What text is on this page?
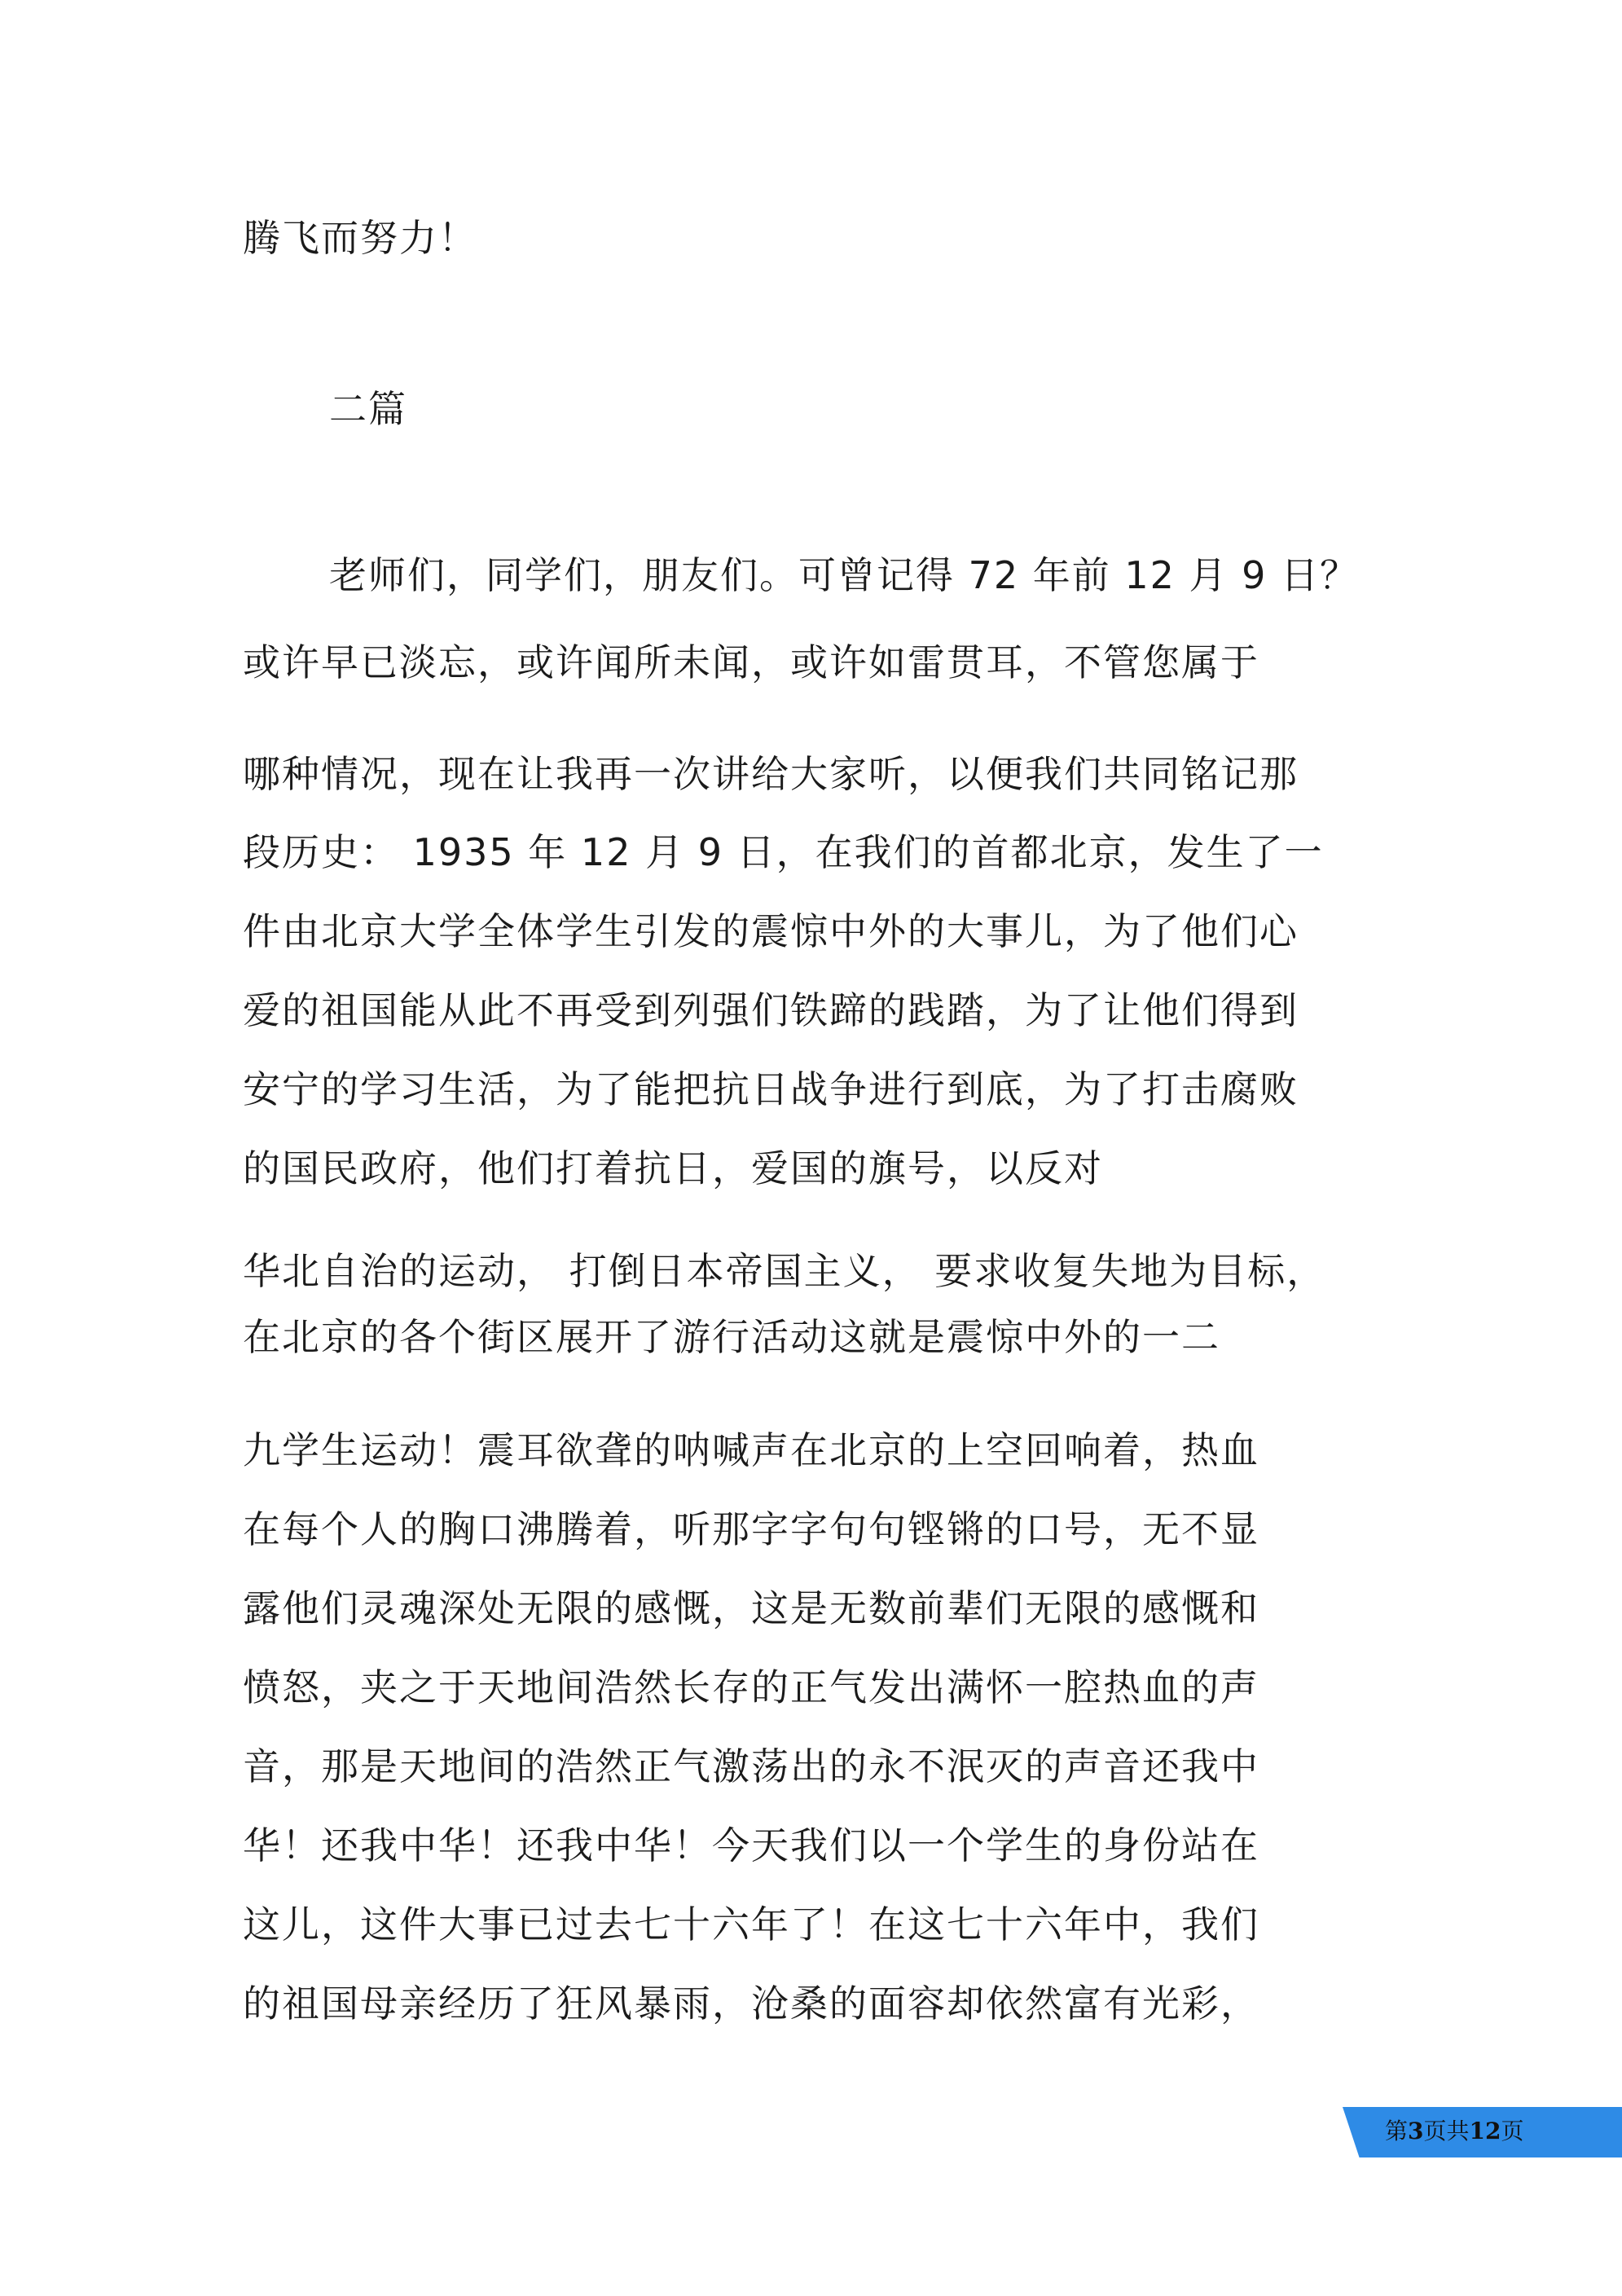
腾飞而努力！
二篇
老师们，同学们，朋友们。可曾记得 72 年前 12 月 9 日？
或许早已淡忘，或许闻所未闻，或许如雷贯耳，不管您属于
哪种情况，现在让我再一次讲给大家听，以便我们共同铭记那
段历史： 1935 年 12 月 9 日，在我们的首都北京，发生了一
件由北京大学全体学生引发的震惊中外的大事儿，为了他们心
爱的祖国能从此不再受到列强们铁蹄的践踏，为了让他们得到
安宁的学习生活，为了能把抗日战争进行到底，为了打击腐败
的国民政府，他们打着抗日，爱国的旗号，以反对
华北自治的运动， 打倒日本帝国主义， 要求收复失地为目标，
在北京的各个街区展开了游行活动这就是震惊中外的一二
九学生运动！震耳欲聋的呐喊声在北京的上空回响着，热血
在每个人的胸口沸腾着，听那字字句句铿锵的口号，无不显
露他们灵魂深处无限的感慨，这是无数前辈们无限的感慨和
愤怒，夹之于天地间浩然长存的正气发出满怀一腔热血的声
音，那是天地间的浩然正气激荡出的永不泯灭的声音还我中
华！还我中华！还我中华！今天我们以一个学生的身份站在
这儿，这件大事已过去七十六年了！在这七十六年中，我们
的祖国母亲经历了狂风暴雨，沧桑的面容却依然富有光彩，
第3页共12页
